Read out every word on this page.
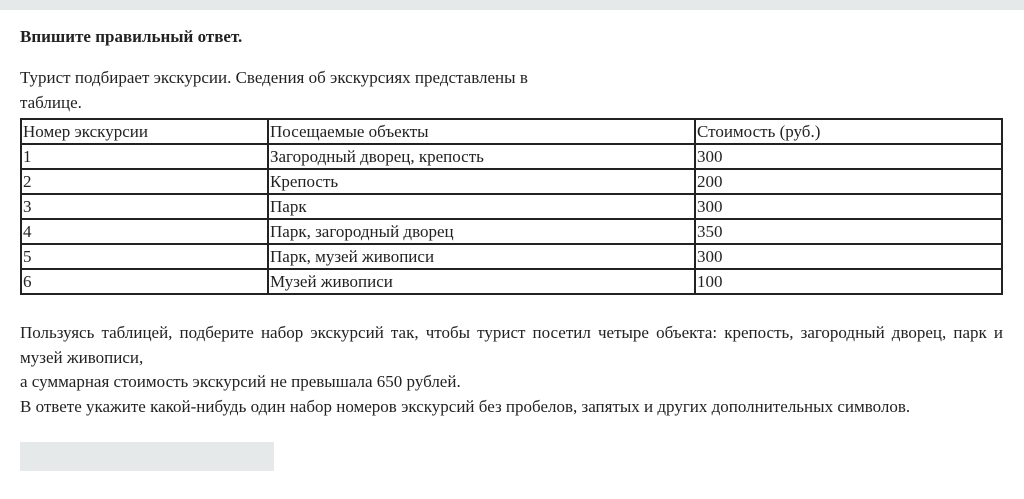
Впишите правильный ответ.

Турист подбирает экскурсии. Сведения об экскурсиях представлены в таблице.
Номер экскурсии	Посещаемые объекты	Стоимость (руб.)
1	Загородный дворец, крепость	300
2	Крепость	200
3	Парк	300
4	Парк, загородный дворец	350
5	Парк, музей живописи	300
6	Музей живописи	100

Пользуясь таблицей, подберите набор экскурсий так, чтобы турист посетил четыре объекта: крепость, загородный дворец, парк и музей живописи,

а суммарная стоимость экскурсий не превышала 650 рублей.

В ответе укажите какой-нибудь один набор номеров экскурсий без пробелов, запятых и других дополнительных символов.
